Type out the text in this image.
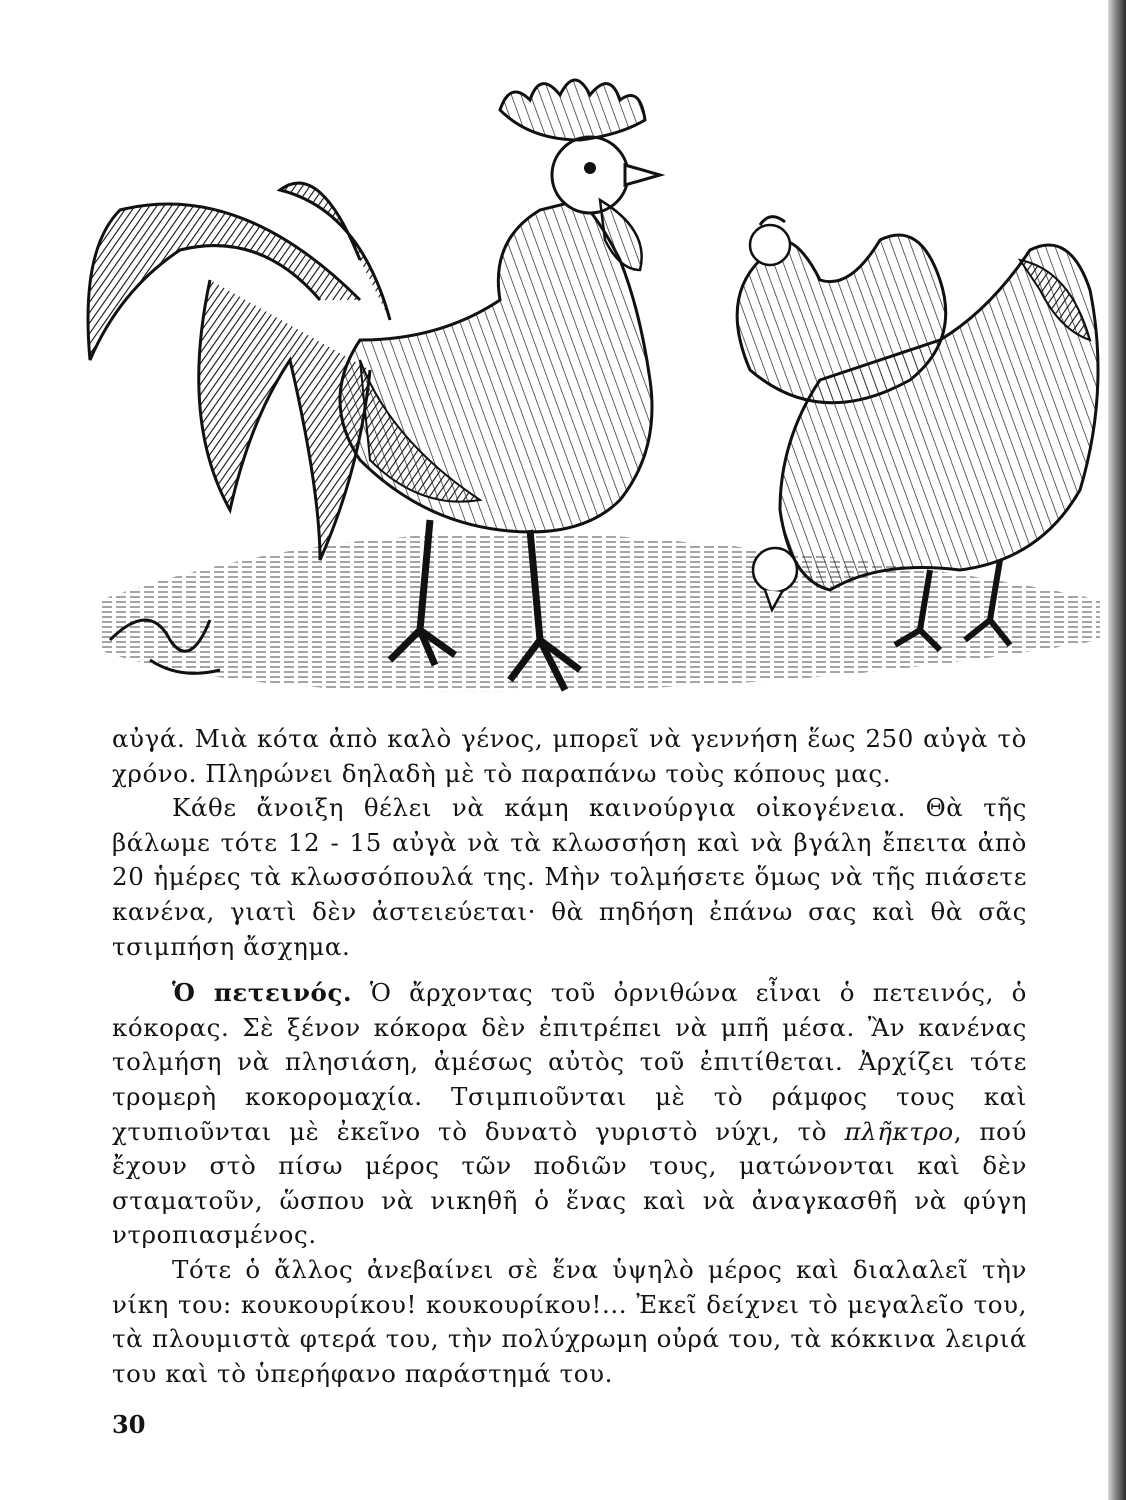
αὐγά. Μιὰ κότα ἀπὸ καλὸ γένος, μπορεῖ νὰ γεννήση ἕως 250 αὐγὰ τὸ χρόνο. Πληρώνει δηλαδὴ μὲ τὸ παραπάνω τοὺς κόπους μας.

Κάθε ἄνοιξη θέλει νὰ κάμη καινούργια οἰκογένεια. Θὰ τῆς βάλωμε τότε 12 - 15 αὐγὰ νὰ τὰ κλωσσήση καὶ νὰ βγάλη ἔπειτα ἀπὸ 20 ἡμέρες τὰ κλωσσόπουλά της. Μὴν τολμήσετε ὅμως νὰ τῆς πιάσετε κανένα, γιατὶ δὲν ἀστειεύεται· θὰ πηδήση ἐπάνω σας καὶ θὰ σᾶς τσιμπήση ἄσχημα.

Ὁ πετεινός. Ὁ ἄρχοντας τοῦ ὀρνιθώνα εἶναι ὁ πετεινός, ὁ κόκορας. Σὲ ξένον κόκορα δὲν ἐπιτρέπει νὰ μπῆ μέσα. Ἂν κανένας τολμήση νὰ πλησιάση, ἀμέσως αὐτὸς τοῦ ἐπιτίθεται. Ἀρχίζει τότε τρομερὴ κοκορομαχία. Τσιμπιοῦνται μὲ τὸ ράμφος τους καὶ χτυπιοῦνται μὲ ἐκεῖνο τὸ δυνατὸ γυριστὸ νύχι, τὸ πλῆκτρο, πού ἔχουν στὸ πίσω μέρος τῶν ποδιῶν τους, ματώνονται καὶ δὲν σταματοῦν, ὥσπου νὰ νικηθῆ ὁ ἕνας καὶ νὰ ἀναγκασθῆ νὰ φύγη ντροπιασμένος.

Τότε ὁ ἄλλος ἀνεβαίνει σὲ ἕνα ὑψηλὸ μέρος καὶ διαλαλεῖ τὴν νίκη του: κουκουρίκου! κουκουρίκου!... Ἐκεῖ δείχνει τὸ μεγαλεῖο του, τὰ πλουμιστὰ φτερά του, τὴν πολύχρωμη οὐρά του, τὰ κόκκινα λειριά του καὶ τὸ ὑπερήφανο παράστημά του.

30
